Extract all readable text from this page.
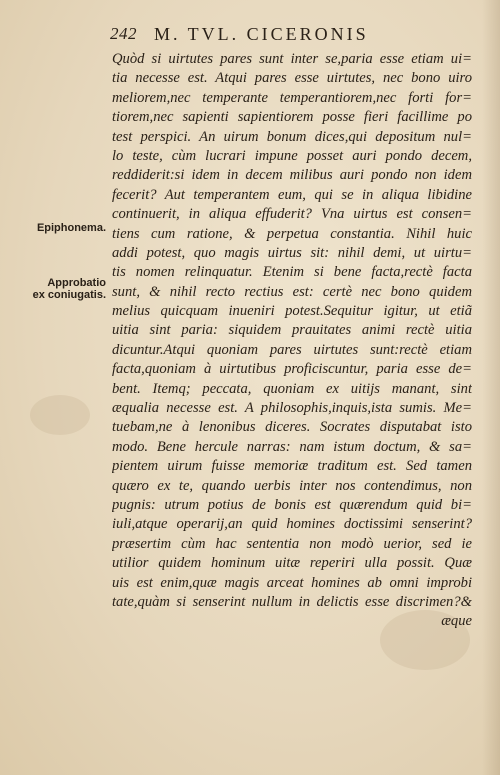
242 M. TVL. CICERONIS
Epiphonema.
Approbatio
ex coniugatis.
Quòd si uirtutes pares sunt inter se,paria esse etiam ui=
tia necesse est. Atqui pares esse uirtutes, nec bono uiro
meliorem,nec temperante temperantiorem,nec forti for=
tiorem,nec sapienti sapientiorem posse fieri facillime po
test perspici. An uirum bonum dices,qui depositum nul=
lo teste, cùm lucrari impune posset auri pondo decem,
reddiderit:si idem in decem milibus auri pondo non idem
fecerit? Aut temperantem eum, qui se in aliqua libidine
continuerit, in aliqua effuderit? Vna uirtus est consen=
tiens cum ratione, & perpetua constantia. Nihil huic
addi potest, quo magis uirtus sit: nihil demi, ut uirtu=
tis nomen relinquatur. Etenim si bene facta,rectè facta
sunt, & nihil recto rectius est: certè nec bono quidem
melius quicquam inueniri potest.Sequitur igitur, ut etiã
uitia sint paria: siquidem prauitates animi rectè uitia
dicuntur.Atqui quoniam pares uirtutes sunt:rectè etiam
facta,quoniam à uirtutibus proficiscuntur, paria esse de=
bent. Itemq; peccata, quoniam ex uitijs manant, sint
æqualia necesse est. A philosophis,inquis,ista sumis. Me=
tuebam,ne à lenonibus diceres. Socrates disputabat isto
modo. Bene hercule narras: nam istum doctum, & sa=
pientem uirum fuisse memoriæ traditum est. Sed tamen
quæro ex te, quando uerbis inter nos contendimus, non
pugnis: utrum potius de bonis est quærendum quid bi=
iuli,atque operarij,an quid homines doctissimi senserint?
præsertim cùm hac sententia non modò uerior, sed ie
utilior quidem hominum uitæ reperiri ulla possit. Quæ
uis est enim,quæ magis arceat homines ab omni improbi
tate,quàm si senserint nullum in delictis esse discrimen?&
æque
